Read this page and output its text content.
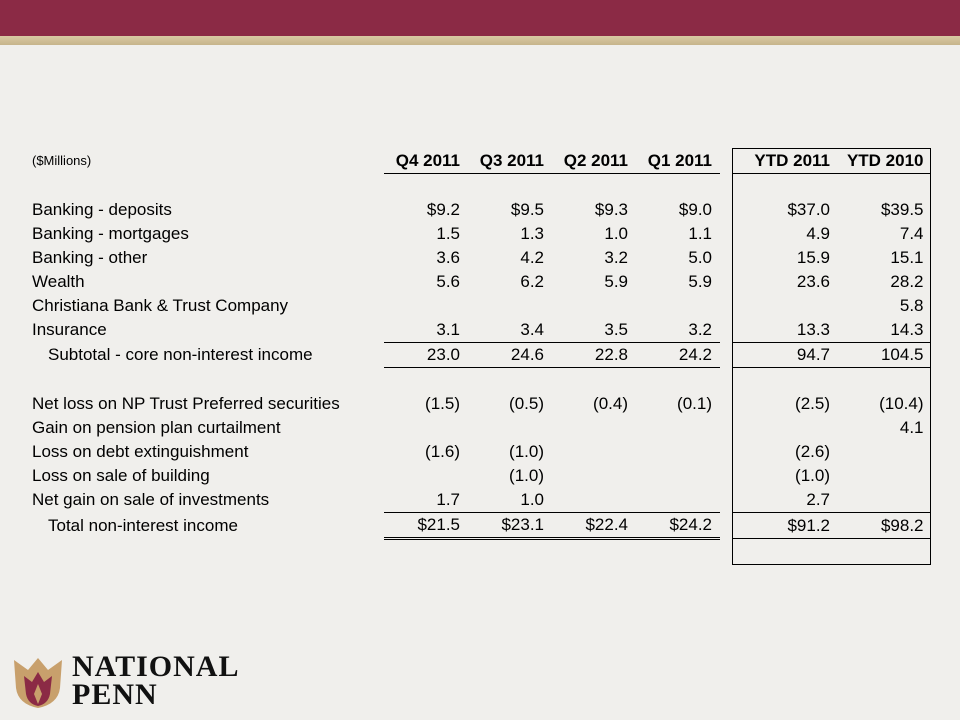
($Millions)	Q4 2011	Q3 2011	Q2 2011	Q1 2011		YTD 2011	YTD 2010

Banking - deposits	$9.2	$9.5	$9.3	$9.0		$37.0	$39.5
Banking - mortgages	1.5	1.3	1.0	1.1		4.9	7.4
Banking - other	3.6	4.2	3.2	5.0		15.9	15.1
Wealth	5.6	6.2	5.9	5.9		23.6	28.2
Christiana Bank & Trust Company							5.8
Insurance	3.1	3.4	3.5	3.2		13.3	14.3
Subtotal - core non-interest income	23.0	24.6	22.8	24.2		94.7	104.5

Net loss on NP Trust Preferred securities	(1.5)	(0.5)	(0.4)	(0.1)		(2.5)	(10.4)
Gain on pension plan curtailment							4.1
Loss on debt extinguishment	(1.6)	(1.0)				(2.6)	
Loss on sale of building		(1.0)				(1.0)	
Net gain on sale of investments	1.7	1.0				2.7	
Total non-interest income	$21.5	$23.1	$22.4	$24.2		$91.2	$98.2

NATIONAL
PENN
